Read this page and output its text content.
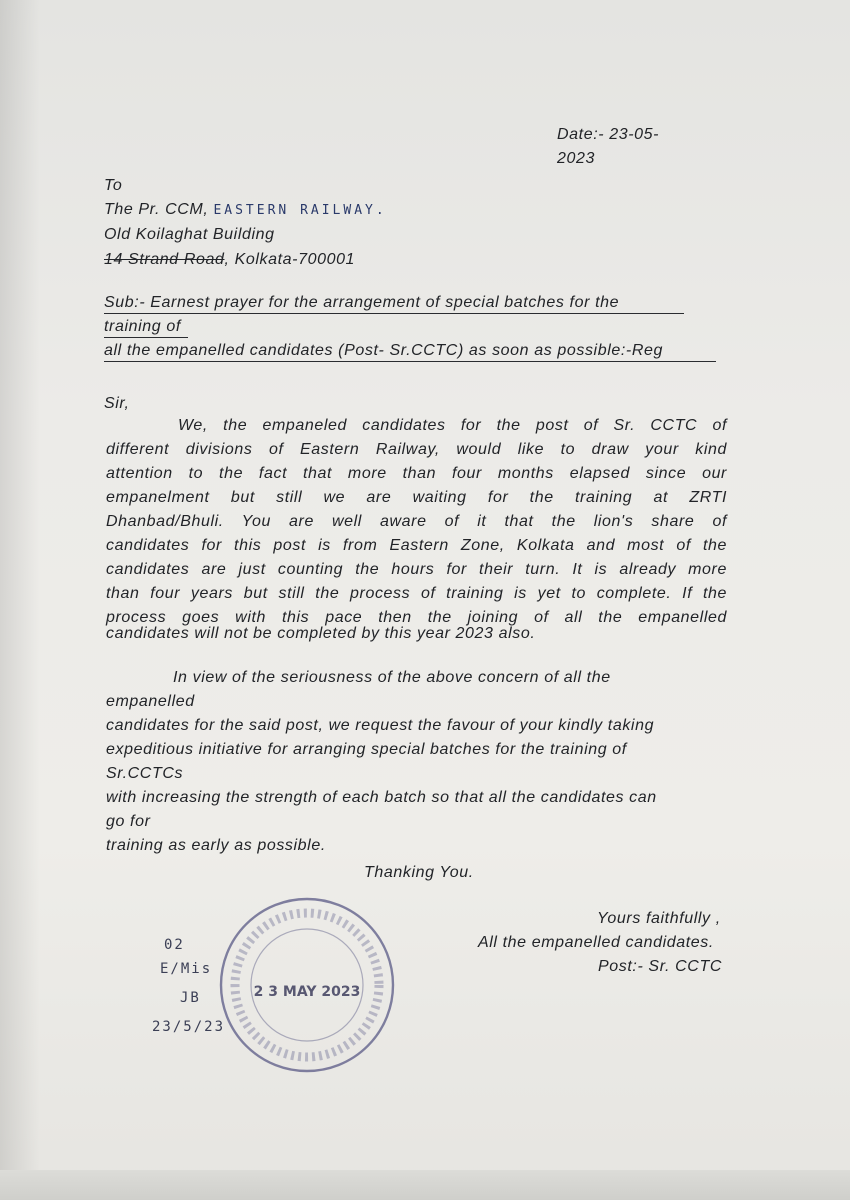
Date:- 23-05-

2023

To

The Pr. CCM, EASTERN RAILWAY.

Old Koilaghat Building

14 Strand Road, Kolkata-700001

Sub:- Earnest prayer for the arrangement of special batches for the

training of

all the empanelled candidates (Post- Sr.CCTC) as soon as possible:-Reg

Sir,

We, the empaneled candidates for the post of Sr. CCTC of

different divisions of Eastern Railway, would like to draw your kind

attention to the fact that more than four months elapsed since our

empanelment but still we are waiting for the training at ZRTI

Dhanbad/Bhuli. You are well aware of it that the lion's share of

candidates for this post is from Eastern Zone, Kolkata and most of the

candidates are just counting the hours for their turn. It is already more

than four years but still the process of training is yet to complete. If the

process goes with this pace then the joining of all the empanelled

candidates will not be completed by this year 2023 also.

In view of the seriousness of the above concern of all the

empanelled

candidates for the said post, we request the favour of your kindly taking

expeditious initiative for arranging special batches for the training of

Sr.CCTCs

with increasing the strength of each batch so that all the candidates can

go for

training as early as possible.

Thanking You.

Yours faithfully ,

All the empanelled candidates.

Post:- Sr. CCTC

2 3 MAY 2023
02
E/Mis
JB
23/5/23
